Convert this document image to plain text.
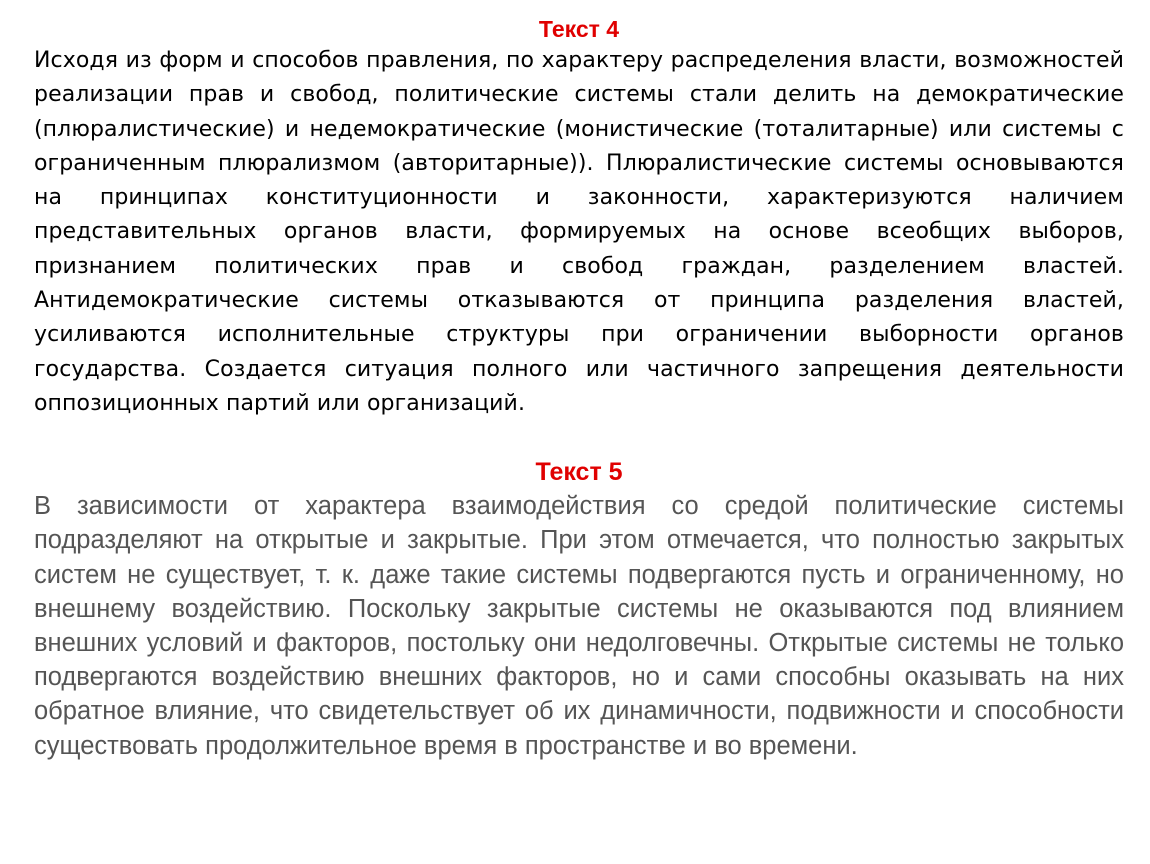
Текст 4

Исходя из форм и способов правления, по характеру распределения власти, возможностей реализации прав и свобод, политические системы стали делить на демократические (плюралистические) и недемократические (монистические (тоталитарные) или системы с ограниченным плюрализмом (авторитарные)). Плюралистические системы основываются на принципах конституционности и законности, характеризуются наличием представительных органов власти, формируемых на основе всеобщих выборов, признанием политических прав и свобод граждан, разделением властей. Антидемократические системы отказываются от принципа разделения властей, усиливаются исполнительные структуры при ограничении выборности органов государства. Создается ситуация полного или частичного запрещения деятельности оппозиционных партий или организаций.

Текст 5

В зависимости от характера взаимодействия со средой политические системы подразделяют на открытые и закрытые. При этом отмечается, что полностью закрытых систем не существует, т. к. даже такие системы подвергаются пусть и ограниченному, но внешнему воздействию. Поскольку закрытые системы не оказываются под влиянием внешних условий и факторов, постольку они недолговечны. Открытые системы не только подвергаются воздействию внешних факторов, но и сами способны оказывать на них обратное влияние, что свидетельствует об их динамичности, подвижности и способности существовать продолжительное время в пространстве и во времени.
